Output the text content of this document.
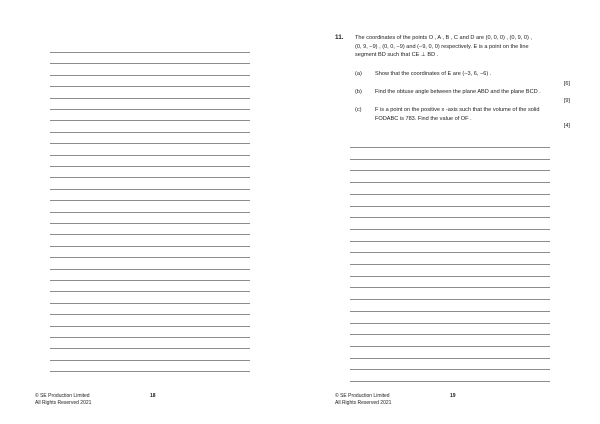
© SE Production Limited
All Rights Reserved 2021
18
11. The coordinates of the points O , A , B , C and D are (0, 0, 0) , (0, 9, 0) ,
(0, 9, −9) , (0, 0, −9) and (−9, 0, 0) respectively. E is a point on the line
segment BD such that CE ⊥ BD .
(a) Show that the coordinates of E are (−3, 6, −6) .
[6]
(b) Find the obtuse angle between the plane ABD and the plane BCD .
[9]
(c) F is a point on the positive x -axis such that the volume of the solid
FODABC is 783. Find the value of OF .
[4]
© SE Production Limited
All Rights Reserved 2021
19
